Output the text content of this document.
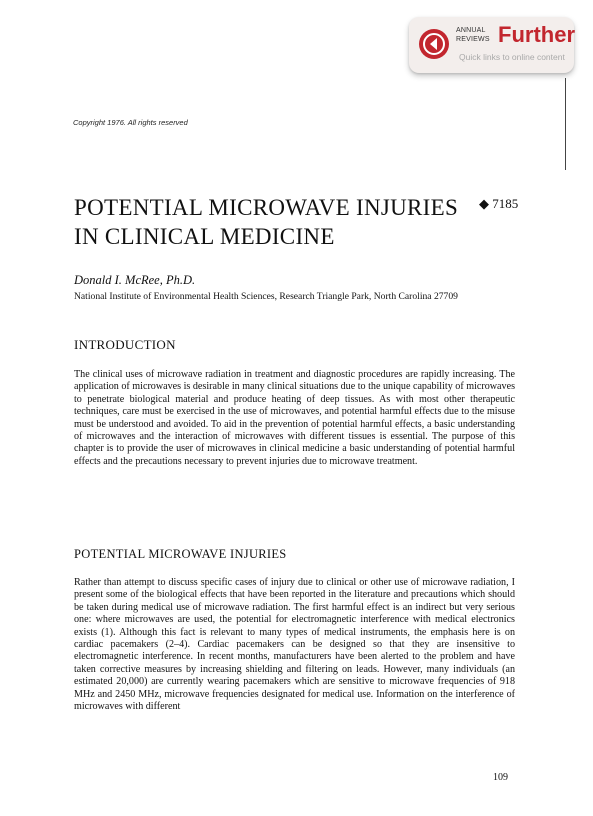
ANNUAL
REVIEWS Further
Quick links to online content
Copyright 1976. All rights reserved
POTENTIAL MICROWAVE INJURIES IN CLINICAL MEDICINE
◆ 7185
Donald I. McRee, Ph.D.
National Institute of Environmental Health Sciences, Research Triangle Park, North Carolina 27709
INTRODUCTION

The clinical uses of microwave radiation in treatment and diagnostic procedures are rapidly increasing. The application of microwaves is desirable in many clinical situations due to the unique capability of microwaves to penetrate biological material and produce heating of deep tissues. As with most other therapeutic techniques, care must be exercised in the use of microwaves, and potential harmful effects due to the misuse must be understood and avoided. To aid in the prevention of potential harmful effects, a basic understanding of microwaves and the interaction of microwaves with different tissues is essential. The purpose of this chapter is to provide the user of microwaves in clinical medicine a basic understanding of potential harmful effects and the precautions necessary to prevent injuries due to microwave treatment.

POTENTIAL MICROWAVE INJURIES

Rather than attempt to discuss specific cases of injury due to clinical or other use of microwave radiation, I present some of the biological effects that have been reported in the literature and precautions which should be taken during medical use of microwave radiation. The first harmful effect is an indirect but very serious one: where microwaves are used, the potential for electromagnetic interference with medical electronics exists (1). Although this fact is relevant to many types of medical instruments, the emphasis here is on cardiac pacemakers (2–4). Cardiac pacemakers can be designed so that they are insensitive to electromagnetic interference. In recent months, manufacturers have been alerted to the problem and have taken corrective measures by increasing shielding and filtering on leads. However, many individuals (an estimated 20,000) are currently wearing pacemakers which are sensitive to microwave frequencies of 918 MHz and 2450 MHz, microwave frequencies designated for medical use. Information on the interference of microwaves with different

109
